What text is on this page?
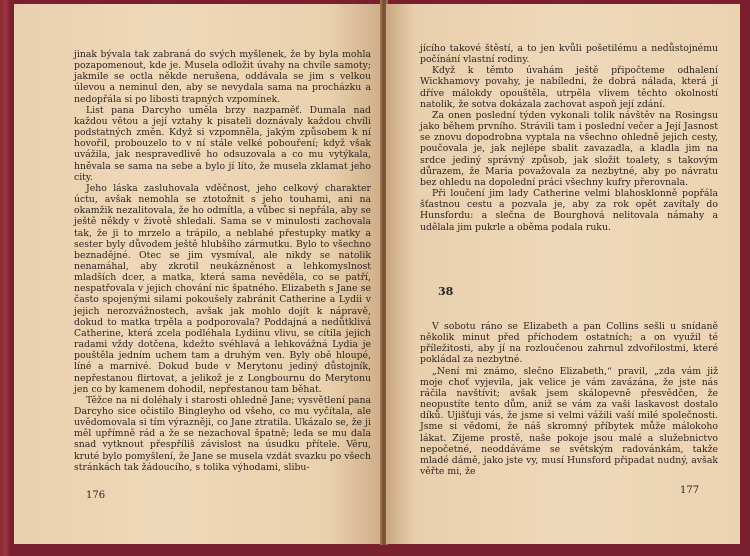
jinak bývala tak zabraná do svých myšlenek, že by byla mohla pozapomenout, kde je. Musela odložit úvahy na chvíle samoty; jakmile se octla někde nerušena, oddávala se jim s velkou úlevou a neminul den, aby se nevydala sama na procházku a nedopřála si po libosti trapných vzpomínek.

List pana Darcyho uměla brzy nazpaměť. Dumala nad každou větou a její vztahy k pisateli doznávaly každou chvíli podstatných změn. Když si vzpomněla, jakým způsobem k ní hovořil, probouzelo to v ní stále velké pobouření; když však uvážila, jak nespravedlivě ho odsuzovala a co mu vytýkala, hněvala se sama na sebe a bylo jí líto, že musela zklamat jeho city.

Jeho láska zasluhovala vděčnost, jeho celkový charakter úctu, avšak nemohla se ztotožnit s jeho touhami, ani na okamžik nezalitovala, že ho odmítla, a vůbec si nepřála, aby se ještě někdy v životě shledali. Sama se v minulosti zachovala tak, že ji to mrzelo a trápilo, a neblahé přestupky matky a sester byly důvodem ještě hlubšího zármutku. Bylo to všechno beznadějné. Otec se jim vysmíval, ale nikdy se natolik nenamáhal, aby zkrotil neukázněnost a lehkomyslnost mladších dcer, a matka, která sama nevěděla, co se patří, nespatřovala v jejich chování nic špatného. Elizabeth s Jane se často spojenými silami pokoušely zabránit Catherine a Lydii v jejich nerozvážnostech, avšak jak mohlo dojít k nápravě, dokud to matka trpěla a podporovala? Poddajná a nedůtklivá Catherine, která zcela podléhala Lydiinu vlivu, se cítila jejich radami vždy dotčena, kdežto svéhlavá a lehkovážná Lydia je pouštěla jedním uchem tam a druhým ven. Byly obě hloupé, líné a marnivé. Dokud bude v Merytonu jediný důstojník, nepřestanou flirtovat, a jelikož je z Longbournu do Merytonu jen co by kamenem dohodil, nepřestanou tam běhat.

Těžce na ni doléhaly i starosti ohledně Jane; vysvětlení pana Darcyho sice očistilo Bingleyho od všeho, co mu vyčítala, ale uvědomovala si tím výrazněji, co Jane ztratila. Ukázalo se, že ji měl upřímně rád a že se nezachoval špatně; leda se mu dala snad vytknout přespříliš závislost na úsudku přítele. Věru, kruté bylo pomyšlení, že Jane se musela vzdát svazku po všech stránkách tak žádoucího, s tolika výhodami, slibu-

176

jícího takové štěstí, a to jen kvůli pošetilému a nedůstojnému počínání vlastní rodiny.

Když k těmto úvahám ještě připočteme odhalení Wickhamovy povahy, je nabíledni, že dobrá nálada, která jí dříve málokdy opouštěla, utrpěla vlivem těchto okolností natolik, že sotva dokázala zachovat aspoň její zdání.

Za onen poslední týden vykonali tolik návštěv na Rosingsu jako během prvního. Strávili tam i poslední večer a Její Jasnost se znovu dopodrobna vyptala na všechno ohledně jejich cesty, poučovala je, jak nejlépe sbalit zavazadla, a kladla jim na srdce jediný správný způsob, jak složit toalety, s takovým důrazem, že Maria považovala za nezbytné, aby po návratu bez ohledu na dopolední práci všechny kufry přerovnala.

Při loučení jim lady Catherine velmi blahosklonně popřála šťastnou cestu a pozvala je, aby za rok opět zavítaly do Hunsfordu: a slečna de Bourghová nelitovala námahy a udělala jim pukrle a oběma podala ruku.

38

V sobotu ráno se Elizabeth a pan Collins sešli u snídaně několik minut před příchodem ostatních; a on využil té příležitosti, aby jí na rozloučenou zahrnul zdvořilostmi, které pokládal za nezbytné.

„Není mi známo, slečno Elizabeth,“ pravil, „zda vám již moje choť vyjevila, jak velice je vám zavázána, že jste nás ráčila navštívit; avšak jsem skálopevně přesvědčen, že neopustíte tento dům, aniž se vám za vaši laskavost dostalo díků. Ujišťuji vás, že jsme si velmi vážili vaší milé společnosti. Jsme si vědomi, že náš skromný příbytek může málokoho lákat. Zijeme prostě, naše pokoje jsou malé a služebnictvo nepočetné, neoddáváme se světským radovánkám, takže mladé dámě, jako jste vy, musí Hunsford připadat nudný, avšak věřte mi, že

177
